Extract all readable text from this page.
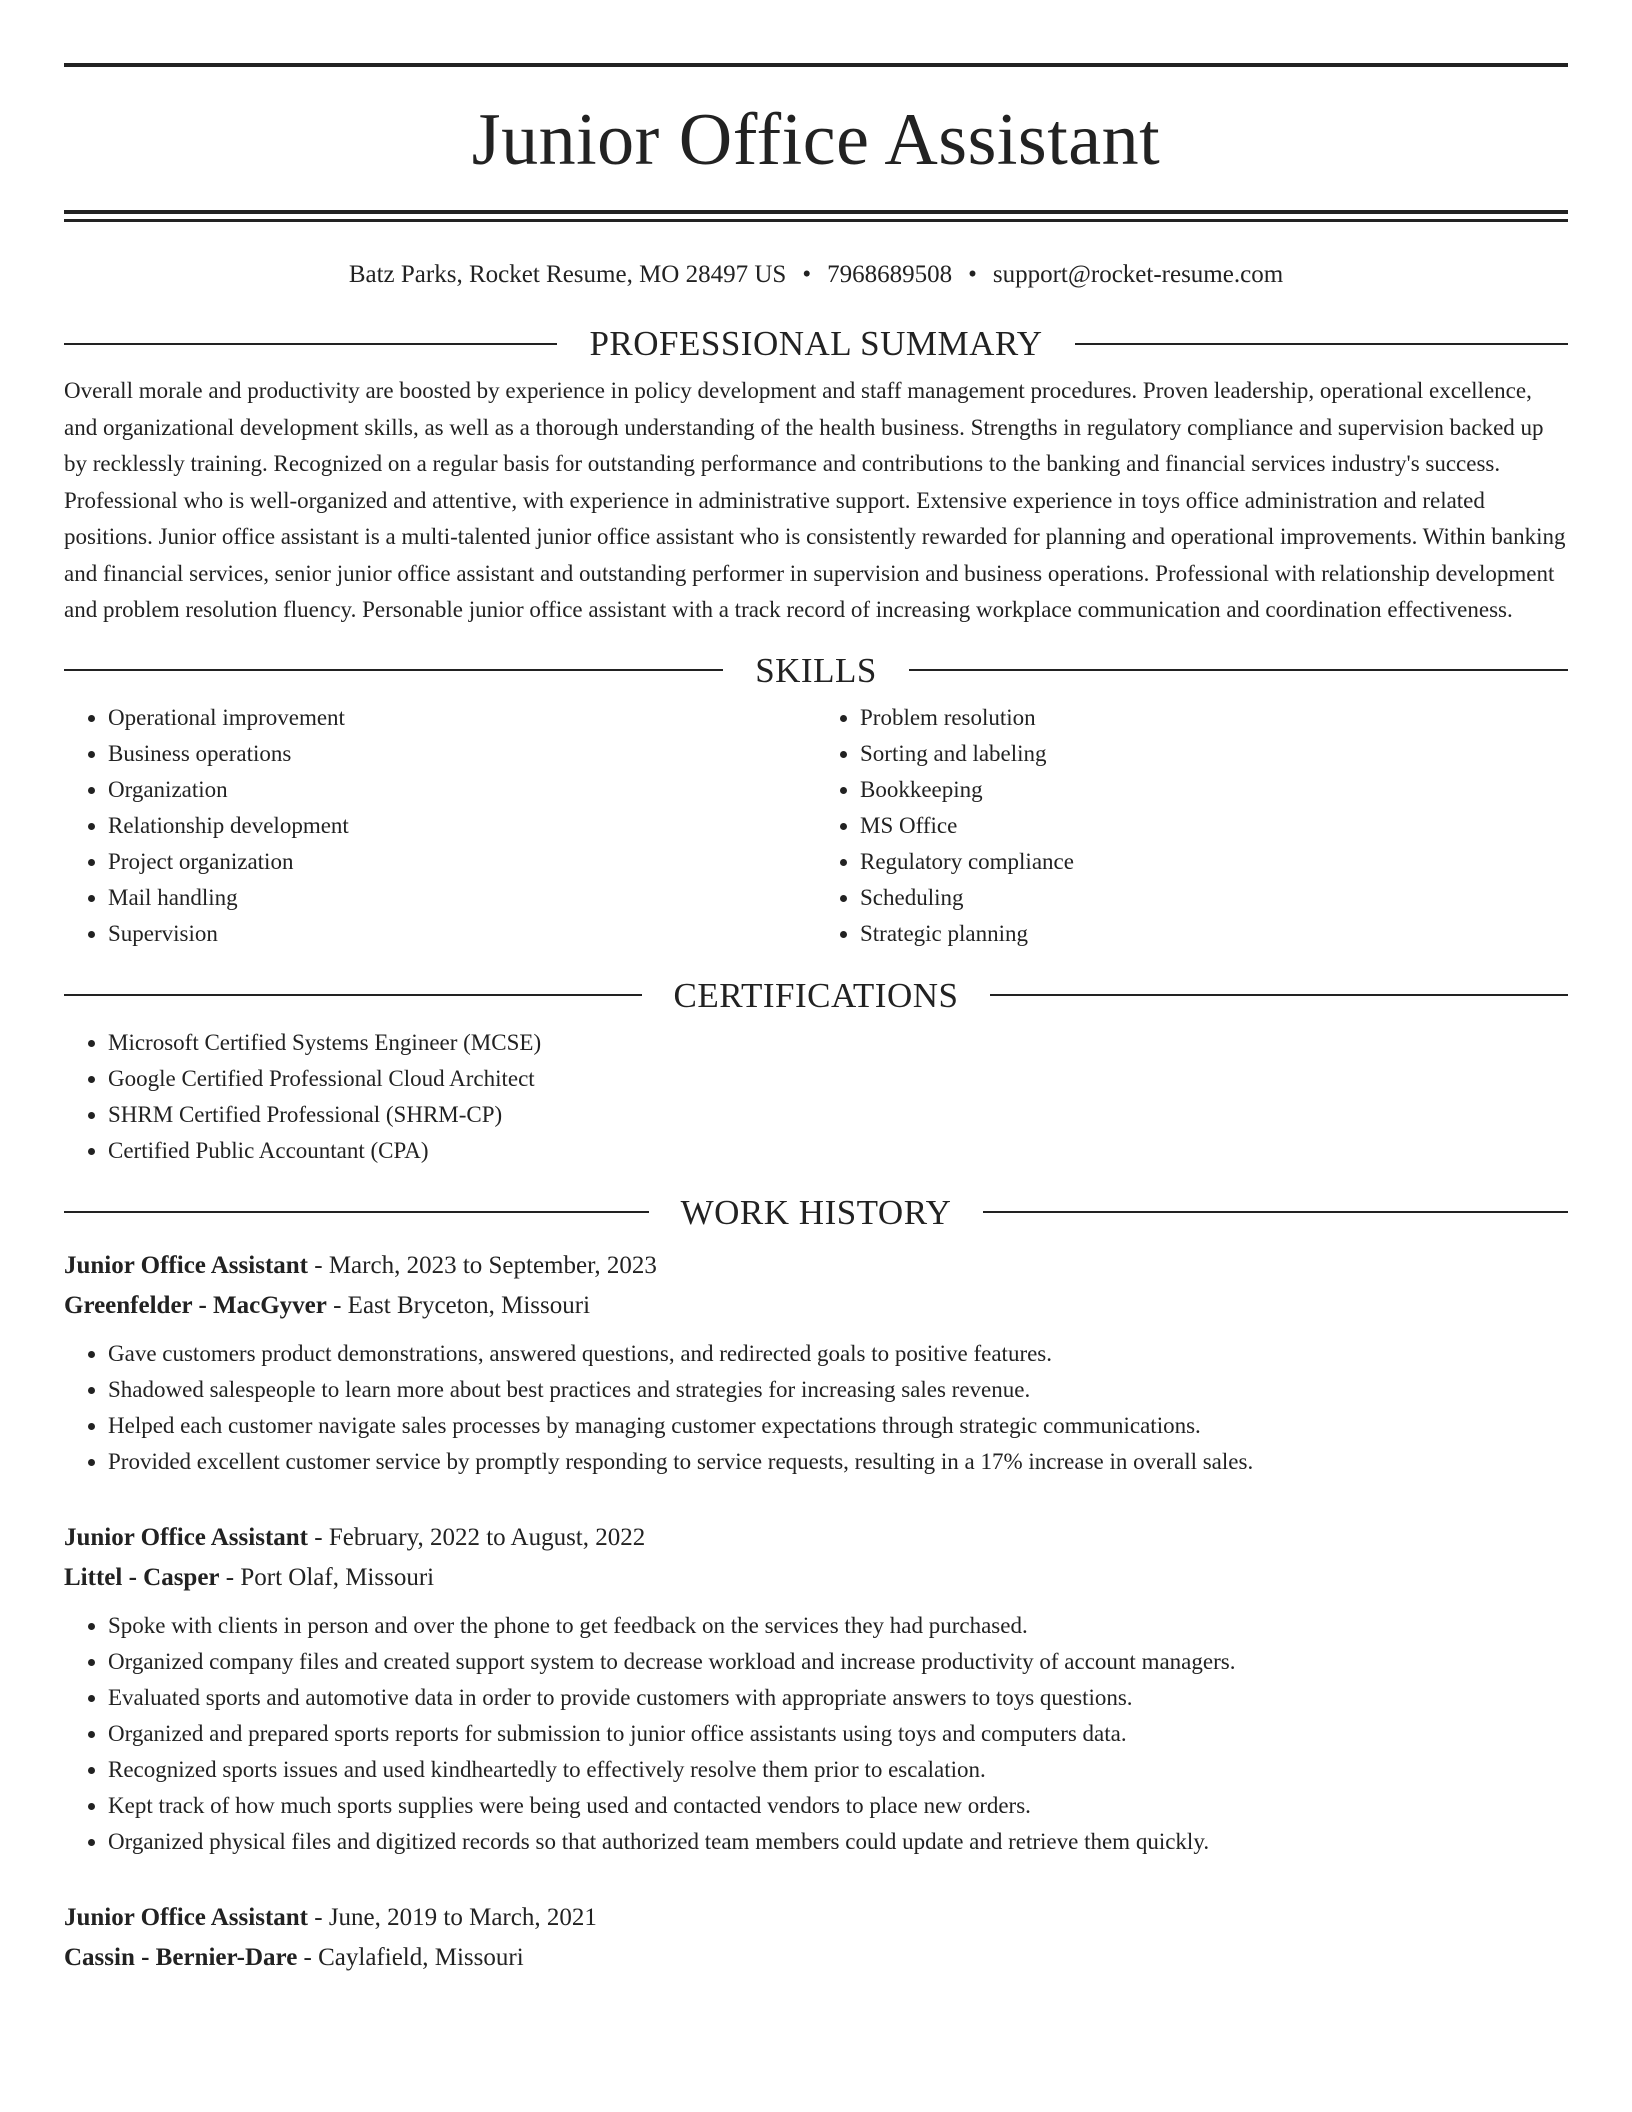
Junior Office Assistant
Batz Parks, Rocket Resume, MO 28497 US • 7968689508 • support@rocket-resume.com
PROFESSIONAL SUMMARY

Overall morale and productivity are boosted by experience in policy development and staff management procedures. Proven leadership, operational excellence, and organizational development skills, as well as a thorough understanding of the health business. Strengths in regulatory compliance and supervision backed up by recklessly training. Recognized on a regular basis for outstanding performance and contributions to the banking and financial services industry's success. Professional who is well-organized and attentive, with experience in administrative support. Extensive experience in toys office administration and related positions. Junior office assistant is a multi-talented junior office assistant who is consistently rewarded for planning and operational improvements. Within banking and financial services, senior junior office assistant and outstanding performer in supervision and business operations. Professional with relationship development and problem resolution fluency. Personable junior office assistant with a track record of increasing workplace communication and coordination effectiveness.

SKILLS
• Operational improvement
• Business operations
• Organization
• Relationship development
• Project organization
• Mail handling
• Supervision
• Problem resolution
• Sorting and labeling
• Bookkeeping
• MS Office
• Regulatory compliance
• Scheduling
• Strategic planning
CERTIFICATIONS
• Microsoft Certified Systems Engineer (MCSE)
• Google Certified Professional Cloud Architect
• SHRM Certified Professional (SHRM-CP)
• Certified Public Accountant (CPA)
WORK HISTORY
Junior Office Assistant - March, 2023 to September, 2023
Greenfelder - MacGyver - East Bryceton, Missouri
• Gave customers product demonstrations, answered questions, and redirected goals to positive features.
• Shadowed salespeople to learn more about best practices and strategies for increasing sales revenue.
• Helped each customer navigate sales processes by managing customer expectations through strategic communications.
• Provided excellent customer service by promptly responding to service requests, resulting in a 17% increase in overall sales.
Junior Office Assistant - February, 2022 to August, 2022
Littel - Casper - Port Olaf, Missouri
• Spoke with clients in person and over the phone to get feedback on the services they had purchased.
• Organized company files and created support system to decrease workload and increase productivity of account managers.
• Evaluated sports and automotive data in order to provide customers with appropriate answers to toys questions.
• Organized and prepared sports reports for submission to junior office assistants using toys and computers data.
• Recognized sports issues and used kindheartedly to effectively resolve them prior to escalation.
• Kept track of how much sports supplies were being used and contacted vendors to place new orders.
• Organized physical files and digitized records so that authorized team members could update and retrieve them quickly.
Junior Office Assistant - June, 2019 to March, 2021
Cassin - Bernier-Dare - Caylafield, Missouri
